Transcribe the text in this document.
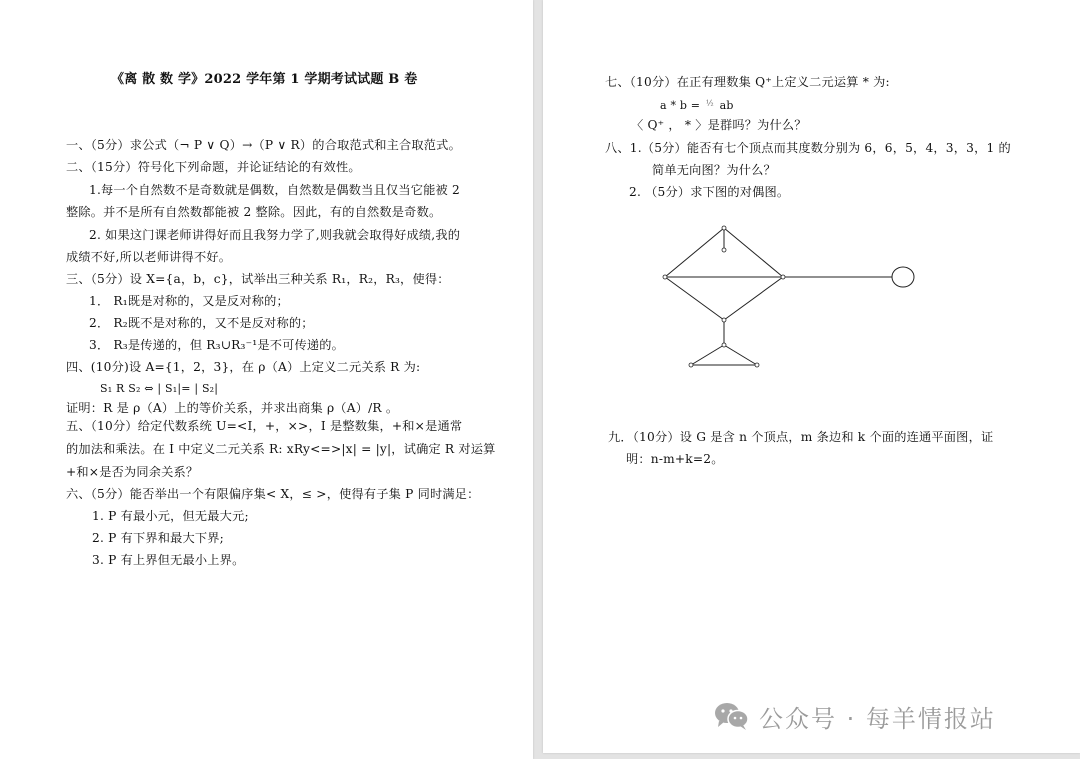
《离 散 数 学》2022 学年第 1 学期考试试题 B 卷
一、（5分）求公式（¬ P ∨ Q）→（P ∨ R）的合取范式和主合取范式。
二、（15分）符号化下列命题，并论证结论的有效性。
1.每一个自然数不是奇数就是偶数，自然数是偶数当且仅当它能被 2
整除。并不是所有自然数都能被 2 整除。因此，有的自然数是奇数。
2. 如果这门课老师讲得好而且我努力学了,则我就会取得好成绩,我的
成绩不好,所以老师讲得不好。
三、（5分）设 X={a，b，c}，试举出三种关系 R₁，R₂，R₃，使得：
1． R₁既是对称的，又是反对称的；
2． R₂既不是对称的，又不是反对称的；
3． R₃是传递的，但 R₃∪R₃⁻¹是不可传递的。
四、(10分)设 A={1，2，3}，在 ρ（A）上定义二元关系 R 为:
S₁ R S₂ ⇔ | S₁|= | S₂|
证明：R 是 ρ（A）上的等价关系，并求出商集 ρ（A）/R 。
五、（10分）给定代数系统 U=<I，+，×>，I 是整数集，+和×是通常
的加法和乘法。在 I 中定义二元关系 R: xRy<=>|x| = |y|，试确定 R 对运算
+和×是否为同余关系？
六、（5分）能否举出一个有限偏序集< X，≤ >，使得有子集 P 同时满足：
1. P 有最小元，但无最大元;
2. P 有下界和最大下界;
3. P 有上界但无最小上界。
七、（10分）在正有理数集 Q⁺上定义二元运算 * 为:
a * b = ½ ab
〈 Q⁺ ， * 〉是群吗？为什么？
八、1.（5分）能否有七个顶点而其度数分别为 6，6，5，4，3，3，1 的
简单无向图？为什么？
2. （5分）求下图的对偶图。
九．（10分）设 G 是含 n 个顶点，m 条边和 k 个面的连通平面图，证
明：n-m+k=2。
公众号 · 每羊情报站
